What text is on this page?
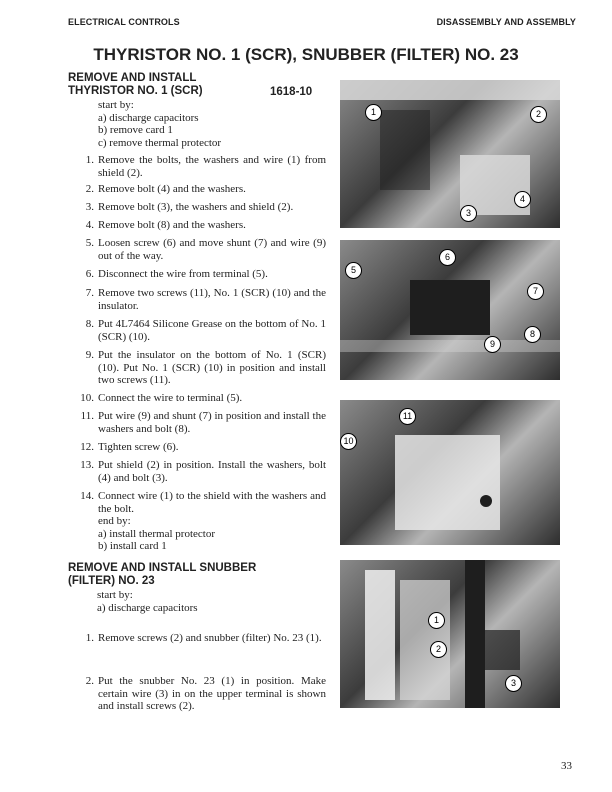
ELECTRICAL CONTROLS	DISASSEMBLY AND ASSEMBLY
THYRISTOR NO. 1 (SCR), SNUBBER (FILTER) NO. 23
REMOVE AND INSTALL
THYRISTOR NO. 1 (SCR)	1618-10
start by:
a) discharge capacitors
b) remove card 1
c) remove thermal protector
1. Remove the bolts, the washers and wire (1) from shield (2).
2. Remove bolt (4) and the washers.
3. Remove bolt (3), the washers and shield (2).
4. Remove bolt (8) and the washers.
5. Loosen screw (6) and move shunt (7) and wire (9) out of the way.
6. Disconnect the wire from terminal (5).
7. Remove two screws (11), No. 1 (SCR) (10) and the insulator.
8. Put 4L7464 Silicone Grease on the bottom of No. 1 (SCR) (10).
9. Put the insulator on the bottom of No. 1 (SCR) (10). Put No. 1 (SCR) (10) in position and install two screws (11).
10. Connect the wire to terminal (5).
11. Put wire (9) and shunt (7) in position and install the washers and bolt (8).
12. Tighten screw (6).
13. Put shield (2) in position. Install the washers, bolt (4) and bolt (3).
14. Connect wire (1) to the shield with the washers and the bolt.
end by:
a) install thermal protector
b) install card 1
REMOVE AND INSTALL SNUBBER
(FILTER) NO. 23
start by:
a) discharge capacitors
1. Remove screws (2) and snubber (filter) No. 23 (1).
2. Put the snubber No. 23 (1) in position. Make certain wire (3) in on the upper terminal is shown and install screws (2).
1	2
3
4
5
6
7
8
9
11
10
1
2
3
33
